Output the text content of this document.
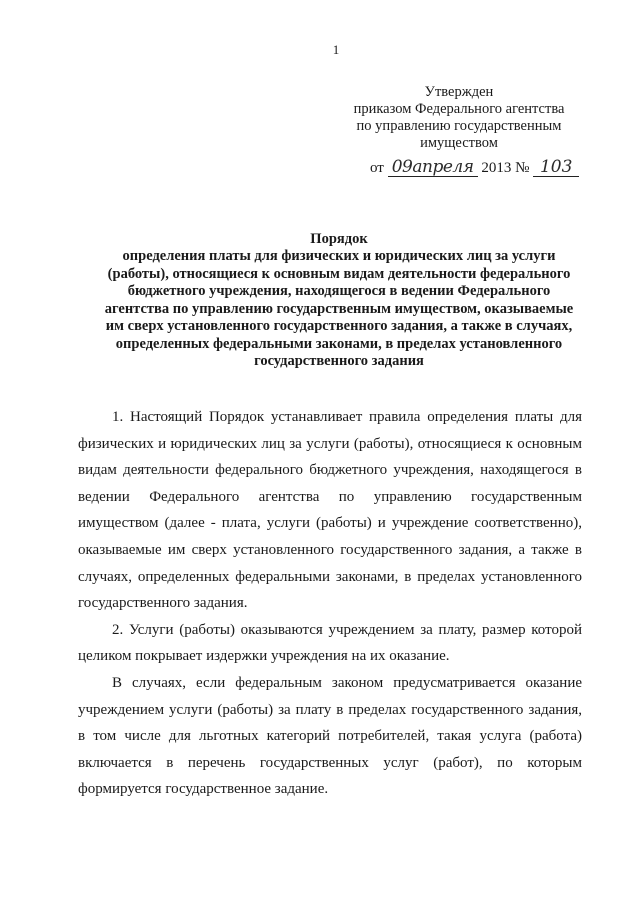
1
Утвержден
приказом Федерального агентства
по управлению государственным
имуществом
от 09апреля 2013 № 103
Порядок
определения платы для физических и юридических лиц за услуги
(работы), относящиеся к основным видам деятельности федерального
бюджетного учреждения, находящегося в ведении Федерального
агентства по управлению государственным имуществом, оказываемые
им сверх установленного государственного задания, а также в случаях,
определенных федеральными законами, в пределах установленного
государственного задания

1. Настоящий Порядок устанавливает правила определения платы для
физических и юридических лиц за услуги (работы), относящиеся к основным
видам деятельности федерального бюджетного учреждения, находящегося в
ведении Федерального агентства по управлению государственным
имуществом (далее - плата, услуги (работы) и учреждение соответственно),
оказываемые им сверх установленного государственного задания, а также в
случаях, определенных федеральными законами, в пределах установленного
государственного задания.

2. Услуги (работы) оказываются учреждением за плату, размер которой
целиком покрывает издержки учреждения на их оказание.

В случаях, если федеральным законом предусматривается оказание
учреждением услуги (работы) за плату в пределах государственного задания,
в том числе для льготных категорий потребителей, такая услуга (работа)
включается в перечень государственных услуг (работ), по которым
формируется государственное задание.
